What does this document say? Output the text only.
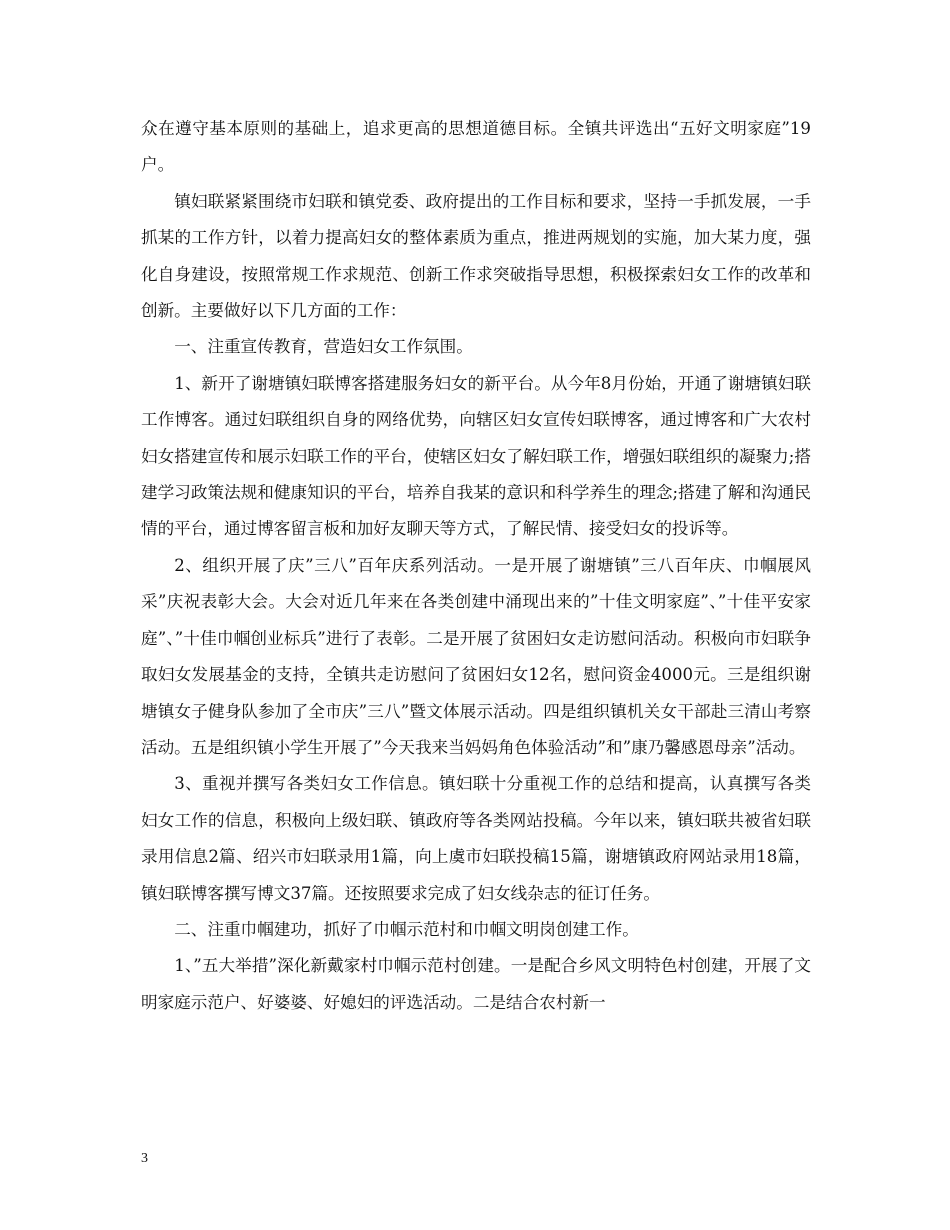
众在遵守基本原则的基础上，追求更高的思想道德目标。全镇共评选出“五好文明家庭”19户。

镇妇联紧紧围绕市妇联和镇党委、政府提出的工作目标和要求，坚持一手抓发展，一手抓某的工作方针，以着力提高妇女的整体素质为重点，推进两规划的实施，加大某力度，强化自身建设，按照常规工作求规范、创新工作求突破指导思想，积极探索妇女工作的改革和创新。主要做好以下几方面的工作：

一、注重宣传教育，营造妇女工作氛围。

1、新开了谢塘镇妇联博客搭建服务妇女的新平台。从今年8月份始，开通了谢塘镇妇联工作博客。通过妇联组织自身的网络优势，向辖区妇女宣传妇联博客，通过博客和广大农村妇女搭建宣传和展示妇联工作的平台，使辖区妇女了解妇联工作，增强妇联组织的凝聚力;搭建学习政策法规和健康知识的平台，培养自我某的意识和科学养生的理念;搭建了解和沟通民情的平台，通过博客留言板和加好友聊天等方式，了解民情、接受妇女的投诉等。

2、组织开展了庆”三八”百年庆系列活动。一是开展了谢塘镇”三八百年庆、巾帼展风采”庆祝表彰大会。大会对近几年来在各类创建中涌现出来的”十佳文明家庭”、”十佳平安家庭”、”十佳巾帼创业标兵”进行了表彰。二是开展了贫困妇女走访慰问活动。积极向市妇联争取妇女发展基金的支持，全镇共走访慰问了贫困妇女12名，慰问资金4000元。三是组织谢塘镇女子健身队参加了全市庆”三八”暨文体展示活动。四是组织镇机关女干部赴三清山考察活动。五是组织镇小学生开展了”今天我来当妈妈角色体验活动”和”康乃馨感恩母亲”活动。

3、重视并撰写各类妇女工作信息。镇妇联十分重视工作的总结和提高，认真撰写各类妇女工作的信息，积极向上级妇联、镇政府等各类网站投稿。今年以来，镇妇联共被省妇联录用信息2篇、绍兴市妇联录用1篇，向上虞市妇联投稿15篇，谢塘镇政府网站录用18篇，镇妇联博客撰写博文37篇。还按照要求完成了妇女线杂志的征订任务。

二、注重巾帼建功，抓好了巾帼示范村和巾帼文明岗创建工作。

1、”五大举措”深化新戴家村巾帼示范村创建。一是配合乡风文明特色村创建，开展了文明家庭示范户、好婆婆、好媳妇的评选活动。二是结合农村新一

3
